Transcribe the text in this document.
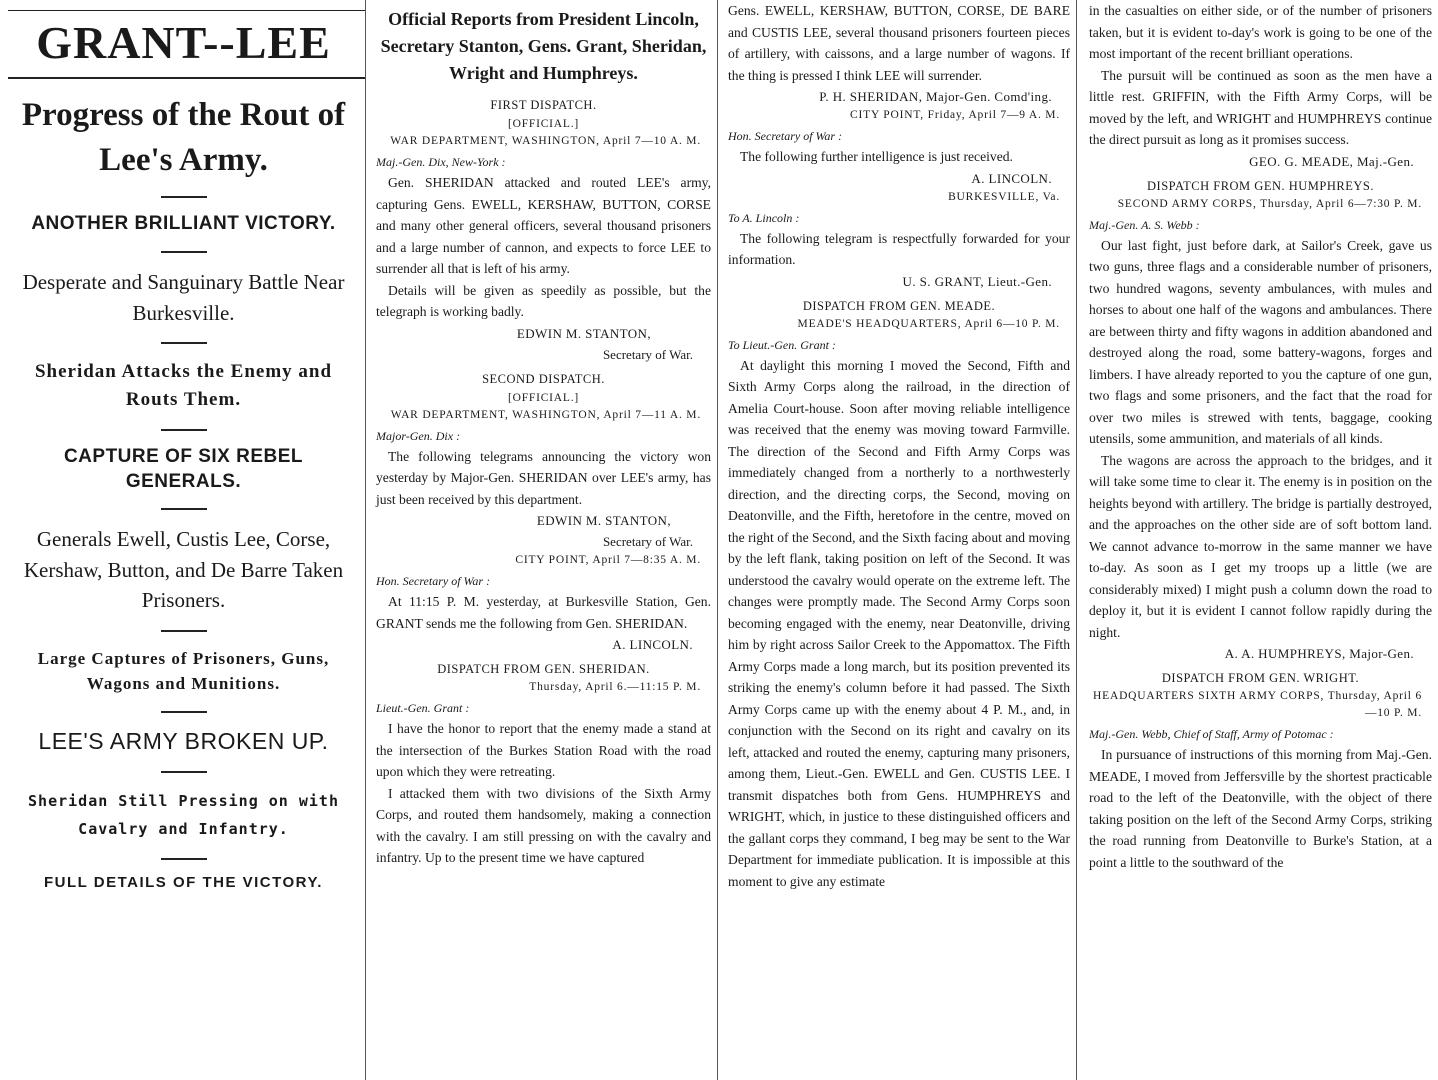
GRANT--LEE
Progress of the Rout of Lee's Army.
ANOTHER BRILLIANT VICTORY.
Desperate and Sanguinary Battle Near Burkesville.
Sheridan Attacks the Enemy and Routs Them.
CAPTURE OF SIX REBEL GENERALS.
Generals Ewell, Custis Lee, Corse, Kershaw, Button, and De Barre Taken Prisoners.
Large Captures of Prisoners, Guns, Wagons and Munitions.
LEE'S ARMY BROKEN UP.
Sheridan Still Pressing on with Cavalry and Infantry.
FULL DETAILS OF THE VICTORY.
Official Reports from President Lincoln, Secretary Stanton, Gens. Grant, Sheridan, Wright and Humphreys.
FIRST DISPATCH.
[OFFICIAL.]
WAR DEPARTMENT, WASHINGTON, April 7—10 A. M.
Maj.-Gen. Dix, New-York :

Gen. SHERIDAN attacked and routed LEE's army, capturing Gens. EWELL, KERSHAW, BUTTON, CORSE and many other general officers, several thousand prisoners and a large number of cannon, and expects to force LEE to surrender all that is left of his army.

Details will be given as speedily as possible, but the telegraph is working badly.

EDWIN M. STANTON,
Secretary of War.
SECOND DISPATCH.
[OFFICIAL.]
WAR DEPARTMENT, WASHINGTON, April 7—11 A. M.
Major-Gen. Dix :

The following telegrams announcing the victory won yesterday by Major-Gen. SHERIDAN over LEE's army, has just been received by this department.

EDWIN M. STANTON,
Secretary of War.
CITY POINT, April 7—8:35 A. M.
Hon. Secretary of War :

At 11:15 P. M. yesterday, at Burkesville Station, Gen. GRANT sends me the following from Gen. SHERIDAN.

A. LINCOLN.
DISPATCH FROM GEN. SHERIDAN.
Thursday, April 6.—11:15 P. M.
Lieut.-Gen. Grant :

I have the honor to report that the enemy made a stand at the intersection of the Burkes Station Road with the road upon which they were retreating.

I attacked them with two divisions of the Sixth Army Corps, and routed them handsomely, making a connection with the cavalry. I am still pressing on with the cavalry and infantry. Up to the present time we have captured

Gens. EWELL, KERSHAW, BUTTON, CORSE, DE BARE and CUSTIS LEE, several thousand prisoners fourteen pieces of artillery, with caissons, and a large number of wagons. If the thing is pressed I think LEE will surrender.

P. H. SHERIDAN, Major-Gen. Comd'ing.
CITY POINT, Friday, April 7—9 A. M.
Hon. Secretary of War :

The following further intelligence is just received.

A. LINCOLN.
BURKESVILLE, Va.
To A. Lincoln :

The following telegram is respectfully forwarded for your information.

U. S. GRANT, Lieut.-Gen.
DISPATCH FROM GEN. MEADE.
MEADE'S HEADQUARTERS, April 6—10 P. M.
To Lieut.-Gen. Grant :

At daylight this morning I moved the Second, Fifth and Sixth Army Corps along the railroad, in the direction of Amelia Court-house. Soon after moving reliable intelligence was received that the enemy was moving toward Farmville. The direction of the Second and Fifth Army Corps was immediately changed from a northerly to a northwesterly direction, and the directing corps, the Second, moving on Deatonville, and the Fifth, heretofore in the centre, moved on the right of the Second, and the Sixth facing about and moving by the left flank, taking position on left of the Second. It was understood the cavalry would operate on the extreme left. The changes were promptly made. The Second Army Corps soon becoming engaged with the enemy, near Deatonville, driving him by right across Sailor Creek to the Appomattox. The Fifth Army Corps made a long march, but its position prevented its striking the enemy's column before it had passed. The Sixth Army Corps came up with the enemy about 4 P. M., and, in conjunction with the Second on its right and cavalry on its left, attacked and routed the enemy, capturing many prisoners, among them, Lieut.-Gen. EWELL and Gen. CUSTIS LEE. I transmit dispatches both from Gens. HUMPHREYS and WRIGHT, which, in justice to these distinguished officers and the gallant corps they command, I beg may be sent to the War Department for immediate publication. It is impossible at this moment to give any estimate

in the casualties on either side, or of the number of prisoners taken, but it is evident to-day's work is going to be one of the most important of the recent brilliant operations.

The pursuit will be continued as soon as the men have a little rest. GRIFFIN, with the Fifth Army Corps, will be moved by the left, and WRIGHT and HUMPHREYS continue the direct pursuit as long as it promises success.

GEO. G. MEADE, Maj.-Gen.
DISPATCH FROM GEN. HUMPHREYS.
SECOND ARMY CORPS, Thursday, April 6—7:30 P. M.
Maj.-Gen. A. S. Webb :

Our last fight, just before dark, at Sailor's Creek, gave us two guns, three flags and a considerable number of prisoners, two hundred wagons, seventy ambulances, with mules and horses to about one half of the wagons and ambulances. There are between thirty and fifty wagons in addition abandoned and destroyed along the road, some battery-wagons, forges and limbers. I have already reported to you the capture of one gun, two flags and some prisoners, and the fact that the road for over two miles is strewed with tents, baggage, cooking utensils, some ammunition, and materials of all kinds.

The wagons are across the approach to the bridges, and it will take some time to clear it. The enemy is in position on the heights beyond with artillery. The bridge is partially destroyed, and the approaches on the other side are of soft bottom land. We cannot advance to-morrow in the same manner we have to-day. As soon as I get my troops up a little (we are considerably mixed) I might push a column down the road to deploy it, but it is evident I cannot follow rapidly during the night.

A. A. HUMPHREYS, Major-Gen.
DISPATCH FROM GEN. WRIGHT.
HEADQUARTERS SIXTH ARMY CORPS, Thursday, April 6—10 P. M.
Maj.-Gen. Webb, Chief of Staff, Army of Potomac :

In pursuance of instructions of this morning from Maj.-Gen. MEADE, I moved from Jeffersville by the shortest practicable road to the left of the Deatonville, with the object of there taking position on the left of the Second Army Corps, striking the road running from Deatonville to Burke's Station, at a point a little to the southward of the
